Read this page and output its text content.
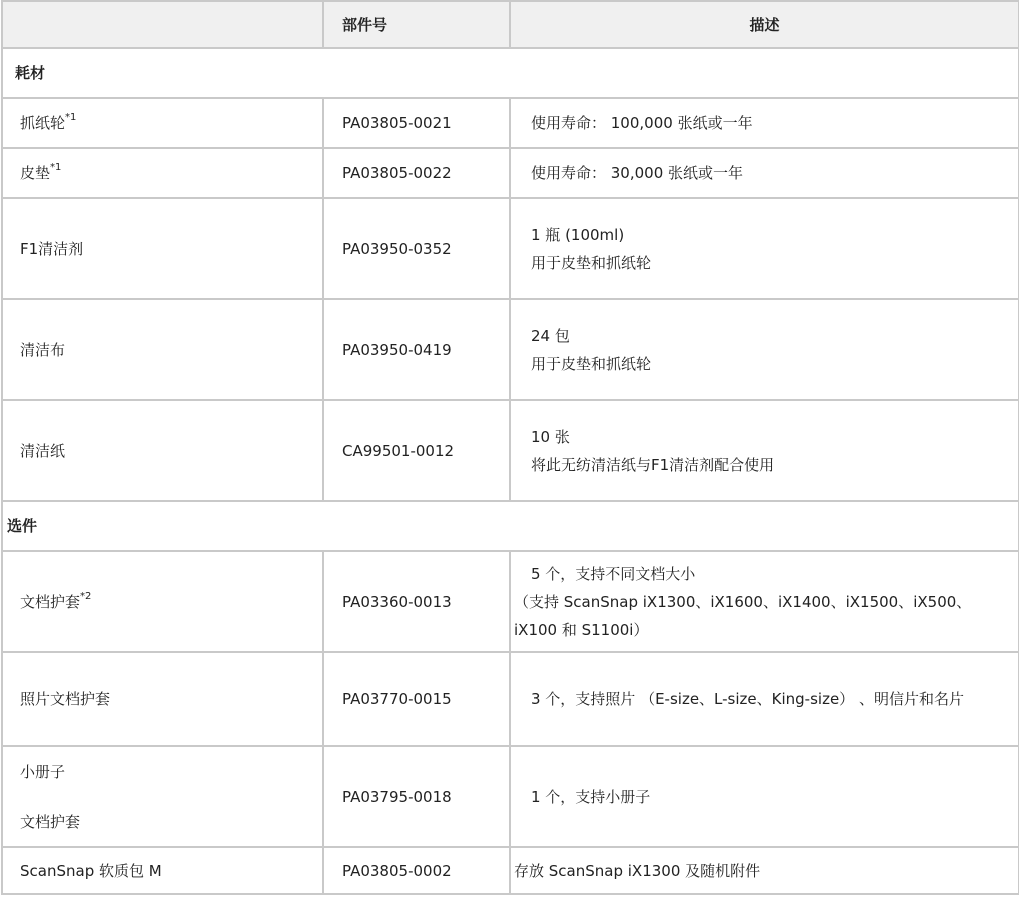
	部件号	描述
耗材		
抓纸轮$^{*1}$	PA03805-0021	使用寿命： 100,000 张纸或一年
皮垫$^{*1}$	PA03805-0022	使用寿命： 30,000 张纸或一年
F1清洁剂	PA03950-0352	1 瓶 (100ml)
用于皮垫和抓纸轮

清洁布	PA03950-0419	24 包
用于皮垫和抓纸轮

清洁纸	CA99501-0012	10 张
将此无纺清洁纸与F1清洁剂配合使用

选件		
文档护套$^{*2}$	PA03360-0013	5 个，支持不同文档大小
（支持 ScanSnap iX1300、iX1600、iX1400、iX1500、iX500、iX100 和 S1100i）

照片文档护套	PA03770-0015	3 个，支持照片 （E-size、L-size、King-size） 、明信片和名片

小册子
文档护套	PA03795-0018	1 个，支持小册子
ScanSnap 软质包 M	PA03805-0002	存放 ScanSnap iX1300 及随机附件
